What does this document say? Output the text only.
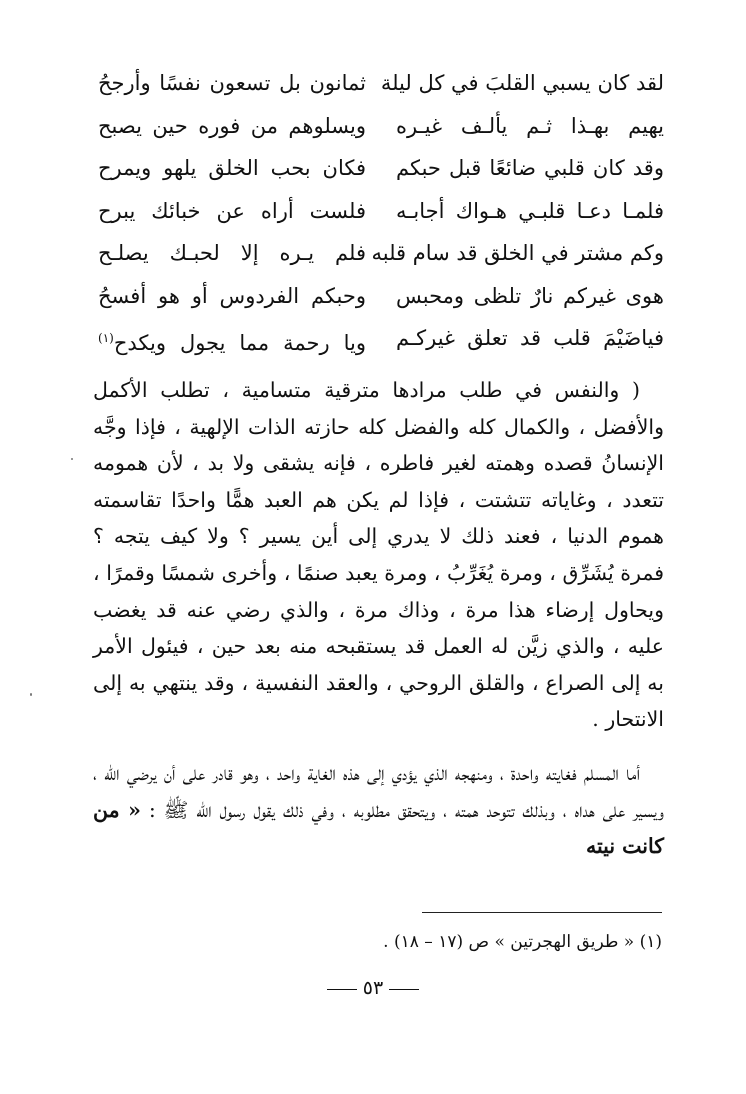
لقد كان يسبي القلبَ في كل ليلة
ثمانون بل تسعون نفسًا وأرجحُ
يهيم بهـذا ثـم يألـف غيـره
ويسلوهم من فوره حين يصبح
وقد كان قلبي ضائعًا قبل حبكم
فكان بحب الخلق يلهو ويمرح
فلمـا دعـا قلبـي هـواك أجابـه
فلست أراه عن خبائك يبرح
وكم مشتر في الخلق قد سام قلبه
فلم يـره إلا لحبـك يصلـح
هوى غيركم نارٌ تلظى ومحبس
وحبكم الفردوس أو هو أفسحُ
فياضَيْمَ قلب قد تعلق غيركـم
ويا رحمة مما يجول ويكدح$^{(١)}$

( والنفس في طلب مرادها مترقية متسامية ، تطلب الأكمل والأفضل ، والكمال كله والفضل كله حازته الذات الإلهية ، فإذا وجَّه الإنسانُ قصده وهمته لغير فاطره ، فإنه يشقى ولا بد ، لأن همومه تتعدد ، وغاياته تتشتت ، فإذا لم يكن هم العبد همًّا واحدًا تقاسمته هموم الدنيا ، فعند ذلك لا يدري إلى أين يسير ؟ ولا كيف يتجه ؟ فمرة يُشَرِّق ، ومرة يُغَرِّبُ ، ومرة يعبد صنمًا ، وأخرى شمسًا وقمرًا ، ويحاول إرضاء هذا مرة ، وذاك مرة ، والذي رضي عنه قد يغضب عليه ، والذي زيَّن له العمل قد يستقبحه منه بعد حين ، فيئول الأمر به إلى الصراع ، والقلق الروحي ، والعقد النفسية ، وقد ينتهي به إلى الانتحار .

أما المسلم فغايته واحدة ، ومنهجه الذي يؤدي إلى هذه الغاية واحد ، وهو قادر على أن يرضي الله ، ويسير على هداه ، وبذلك تتوحد همته ، ويتحقق مطلوبه ، وفي ذلك يقول رسول الله ﷺ : « من كانت نيته

(١) « طريق الهجرتين » ص (١٧ – ١٨) .
٥٣
